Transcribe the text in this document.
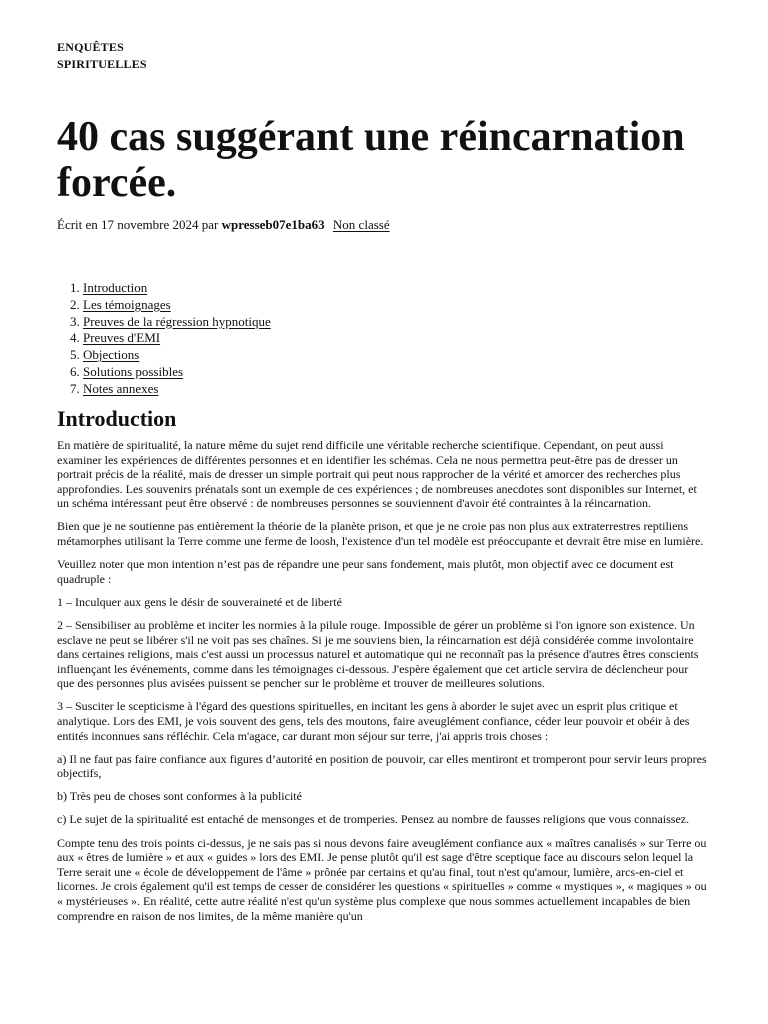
ENQUÊTES
SPIRITUELLES
40 cas suggérant une réincarnation forcée.
Écrit en 17 novembre 2024 par wpresseb07e1ba63 Non classé
1. Introduction
2. Les témoignages
3. Preuves de la régression hypnotique
4. Preuves d'EMI
5. Objections
6. Solutions possibles
7. Notes annexes
Introduction

En matière de spiritualité, la nature même du sujet rend difficile une véritable recherche scientifique. Cependant, on peut aussi examiner les expériences de différentes personnes et en identifier les schémas. Cela ne nous permettra peut-être pas de dresser un portrait précis de la réalité, mais de dresser un simple portrait qui peut nous rapprocher de la vérité et amorcer des recherches plus approfondies. Les souvenirs prénatals sont un exemple de ces expériences ; de nombreuses anecdotes sont disponibles sur Internet, et un schéma intéressant peut être observé : de nombreuses personnes se souviennent d'avoir été contraintes à la réincarnation.

Bien que je ne soutienne pas entièrement la théorie de la planète prison, et que je ne croie pas non plus aux extraterrestres reptiliens métamorphes utilisant la Terre comme une ferme de loosh, l'existence d'un tel modèle est préoccupante et devrait être mise en lumière.

Veuillez noter que mon intention n’est pas de répandre une peur sans fondement, mais plutôt, mon objectif avec ce document est quadruple :

1 – Inculquer aux gens le désir de souveraineté et de liberté

2 – Sensibiliser au problème et inciter les normies à la pilule rouge. Impossible de gérer un problème si l'on ignore son existence. Un esclave ne peut se libérer s'il ne voit pas ses chaînes. Si je me souviens bien, la réincarnation est déjà considérée comme involontaire dans certaines religions, mais c'est aussi un processus naturel et automatique qui ne reconnaît pas la présence d'autres êtres conscients influençant les événements, comme dans les témoignages ci-dessous. J'espère également que cet article servira de déclencheur pour que des personnes plus avisées puissent se pencher sur le problème et trouver de meilleures solutions.

3 – Susciter le scepticisme à l'égard des questions spirituelles, en incitant les gens à aborder le sujet avec un esprit plus critique et analytique. Lors des EMI, je vois souvent des gens, tels des moutons, faire aveuglément confiance, céder leur pouvoir et obéir à des entités inconnues sans réfléchir. Cela m'agace, car durant mon séjour sur terre, j'ai appris trois choses :

a) Il ne faut pas faire confiance aux figures d’autorité en position de pouvoir, car elles mentiront et tromperont pour servir leurs propres objectifs,

b) Très peu de choses sont conformes à la publicité

c) Le sujet de la spiritualité est entaché de mensonges et de tromperies. Pensez au nombre de fausses religions que vous connaissez.

Compte tenu des trois points ci-dessus, je ne sais pas si nous devons faire aveuglément confiance aux « maîtres canalisés » sur Terre ou aux « êtres de lumière » et aux « guides » lors des EMI. Je pense plutôt qu'il est sage d'être sceptique face au discours selon lequel la Terre serait une « école de développement de l'âme » prônée par certains et qu'au final, tout n'est qu'amour, lumière, arcs-en-ciel et licornes. Je crois également qu'il est temps de cesser de considérer les questions « spirituelles » comme « mystiques », « magiques » ou « mystérieuses ». En réalité, cette autre réalité n'est qu'un système plus complexe que nous sommes actuellement incapables de bien comprendre en raison de nos limites, de la même manière qu'un
